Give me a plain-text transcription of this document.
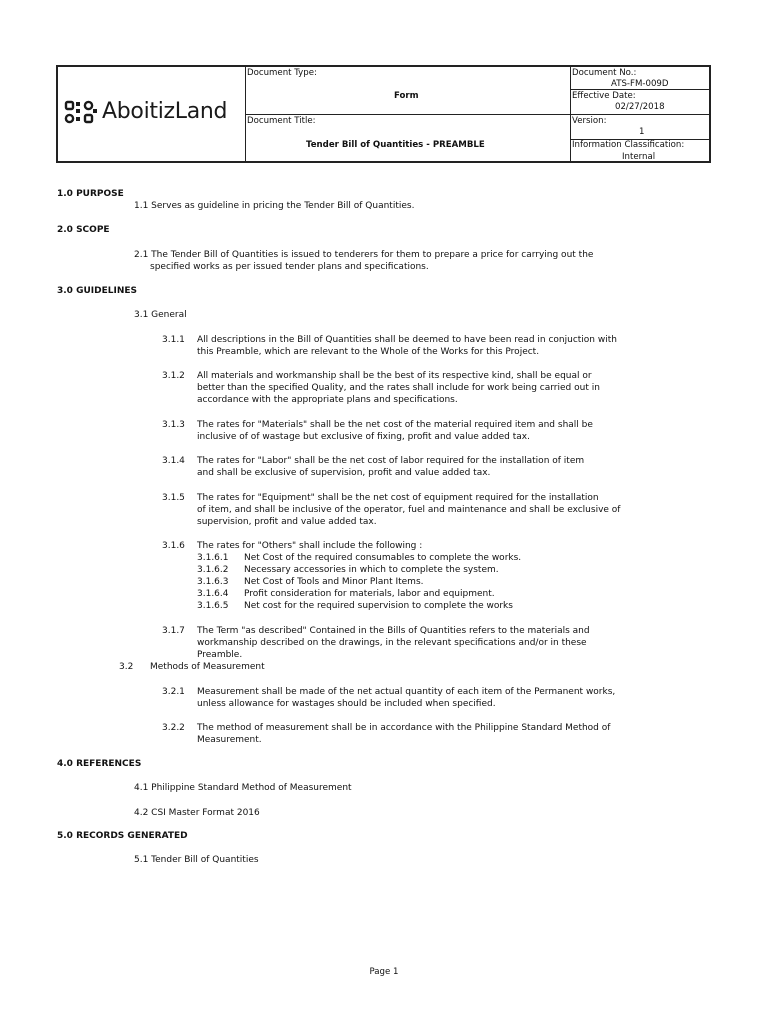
AboitizLand
Document Type:
Form
Document Title:
Tender Bill of Quantities - PREAMBLE
Document No.:
ATS-FM-009D
Effective Date:
02/27/2018
Version:
1
Information Classification:
Internal
1.0 PURPOSE
1.1 Serves as guideline in pricing the Tender Bill of Quantities.
2.0 SCOPE
2.1 The Tender Bill of Quantities is issued to tenderers for them to prepare a price for carrying out the
specified works as per issued tender plans and specifications.
3.0 GUIDELINES
3.1 General
3.1.1 All descriptions in the Bill of Quantities shall be deemed to have been read in conjuction with
this Preamble, which are relevant to the Whole of the Works for this Project.
3.1.2 All materials and workmanship shall be the best of its respective kind, shall be equal or
better than the specified Quality, and the rates shall include for work being carried out in
accordance with the appropriate plans and specifications.
3.1.3 The rates for "Materials" shall be the net cost of the material required item and shall be
inclusive of of wastage but exclusive of fixing, profit and value added tax.
3.1.4 The rates for "Labor" shall be the net cost of labor required for the installation of item
and shall be exclusive of supervision, profit and value added tax.
3.1.5 The rates for "Equipment" shall be the net cost of equipment required for the installation
of item, and shall be inclusive of the operator, fuel and maintenance and shall be exclusive of
supervision, profit and value added tax.
3.1.6 The rates for "Others" shall include the following :
3.1.6.1 Net Cost of the required consumables to complete the works.
3.1.6.2 Necessary accessories in which to complete the system.
3.1.6.3 Net Cost of Tools and Minor Plant Items.
3.1.6.4 Profit consideration for materials, labor and equipment.
3.1.6.5 Net cost for the required supervision to complete the works
3.1.7 The Term "as described" Contained in the Bills of Quantities refers to the materials and
workmanship described on the drawings, in the relevant specifications and/or in these
Preamble.
3.2 Methods of Measurement
3.2.1 Measurement shall be made of the net actual quantity of each item of the Permanent works,
unless allowance for wastages should be included when specified.
3.2.2 The method of measurement shall be in accordance with the Philippine Standard Method of
Measurement.
4.0 REFERENCES
4.1 Philippine Standard Method of Measurement
4.2 CSI Master Format 2016
5.0 RECORDS GENERATED
5.1 Tender Bill of Quantities
Page 1
